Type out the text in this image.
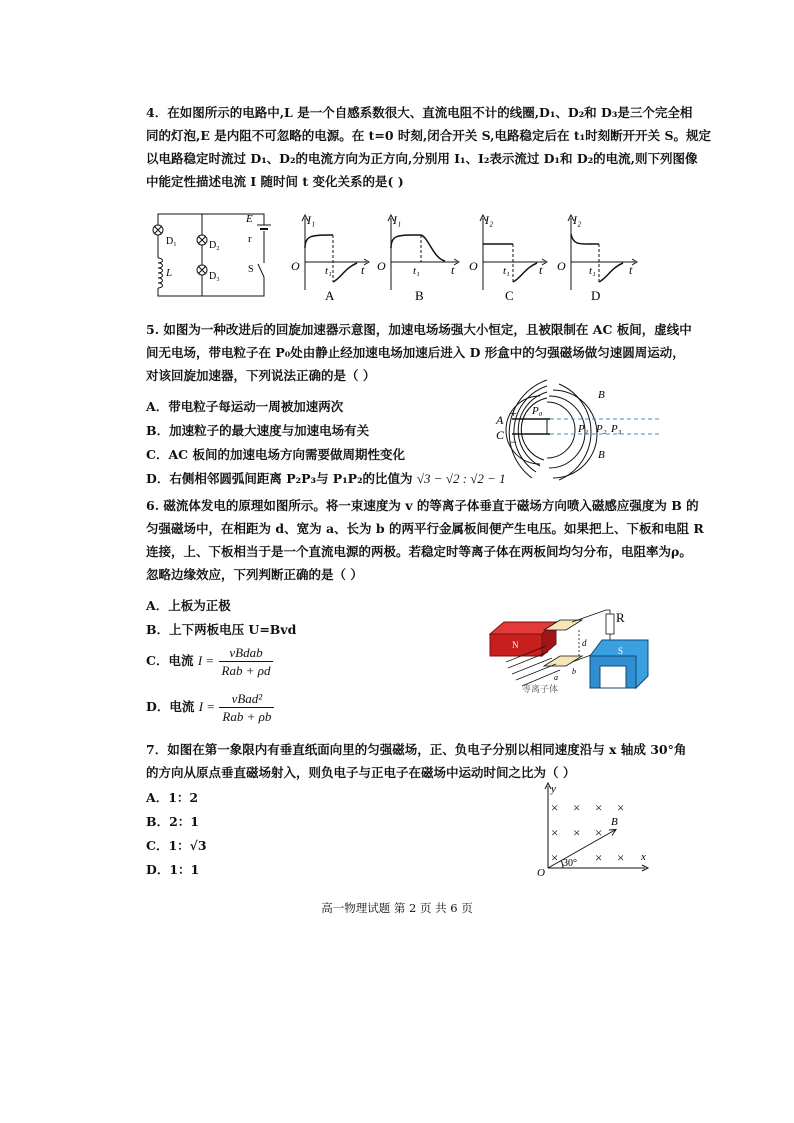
4．在如图所示的电路中,L 是一个自感系数很大、直流电阻不计的线圈,D₁、D₂和 D₃是三个完全相
同的灯泡,E 是内阻不可忽略的电源。在 t=0 时刻,闭合开关 S,电路稳定后在 t₁时刻断开开关 S。规定
以电路稳定时流过 D₁、D₂的电流方向为正方向,分别用 I₁、I₂表示流过 D₁和 D₂的电流,则下列图像
中能定性描述电流 I 随时间 t 变化关系的是( )
D₁
L
D₂
D₃
E
r
S
I₁
O t₁ t
A
I₁
O t₁	t
B
I₂
O t₁ t
C
I₂
O t₁	t
D
5. 如图为一种改进后的回旋加速器示意图，加速电场场强大小恒定，且被限制在 AC 板间，虚线中
间无电场，带电粒子在 P₀处由静止经加速电场加速后进入 D 形盒中的匀强磁场做匀速圆周运动，
对该回旋加速器，下列说法正确的是（ ）
A．带电粒子每运动一周被加速两次
B．加速粒子的最大速度与加速电场有关
C．AC 板间的加速电场方向需要做周期性变化
D．右侧相邻圆弧间距离 P₂P₃与 P₁P₂的比值为 √3 − √2 : √2 − 1
A
C
+
−
P₀
P₁ P₂ P₃
B
B
6. 磁流体发电的原理如图所示。将一束速度为 v 的等离子体垂直于磁场方向喷入磁感应强度为 B 的
匀强磁场中，在相距为 d、宽为 a、长为 b 的两平行金属板间便产生电压。如果把上、下板和电阻 R
连接，上、下板相当于是一个直流电源的两极。若稳定时等离子体在两板间均匀分布，电阻率为ρ。
忽略边缘效应，下列判断正确的是（ ）
A．上板为正极
B．上下两板电压 U=Bvd
C．电流 $I = \frac{\text{vBdab}}{\text{Rab + ρd}}$
D．电流 $I = \frac{\text{vBad²}}{\text{Rab + ρb}}$
N
R
d
a
b
等离子体
S
7．如图在第一象限内有垂直纸面向里的匀强磁场，正、负电子分别以相同速度沿与 x 轴成 30°角
的方向从原点垂直磁场射入，则负电子与正电子在磁场中运动时间之比为（ ）
A．1：2
B．2：1
C．1：√3
D．1：1
y
x
O
B
30°
× × × ×
× × ×
×	× ×
高一物理试题 第 2 页 共 6 页
